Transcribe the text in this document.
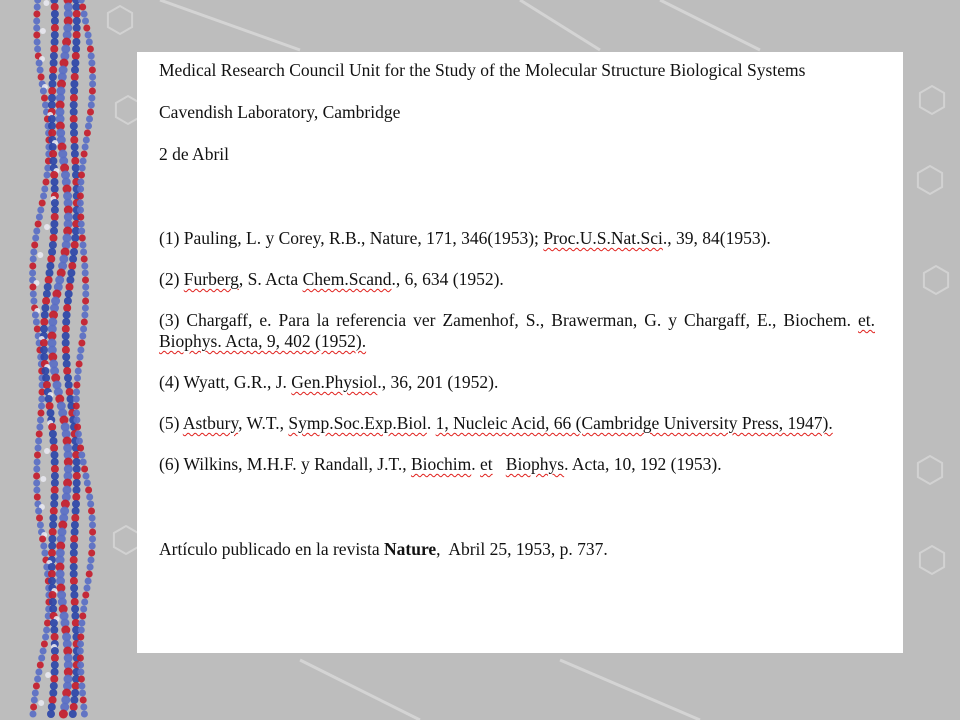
Medical Research Council Unit for the Study of the Molecular Structure Biological Systems

Cavendish Laboratory, Cambridge

2 de Abril

(1) Pauling, L. y Corey, R.B., Nature, 171, 346(1953); Proc.U.S.Nat.Sci., 39, 84(1953).

(2) Furberg, S. Acta Chem.Scand., 6, 634 (1952).

(3) Chargaff, e. Para la referencia ver Zamenhof, S., Brawerman, G. y Chargaff, E., Biochem. et. Biophys. Acta, 9, 402 (1952).

(4) Wyatt, G.R., J. Gen.Physiol., 36, 201 (1952).

(5) Astbury, W.T., Symp.Soc.Exp.Biol. 1, Nucleic Acid, 66 (Cambridge University Press, 1947).

(6) Wilkins, M.H.F. y Randall, J.T., Biochim. et Biophys. Acta, 10, 192 (1953).

Artículo publicado en la revista Nature,  Abril 25, 1953, p. 737.
